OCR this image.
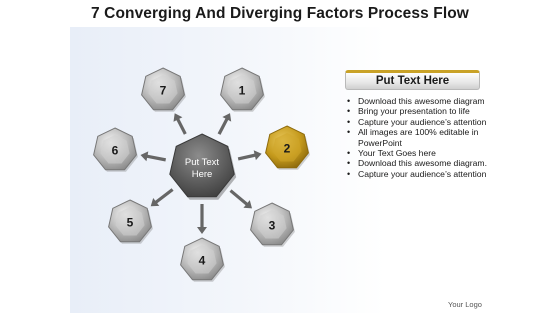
7 Converging And Diverging Factors Process Flow
1
2
3
4
5
6
7
Put Text
Here
Put Text Here
• Download this awesome diagram
• Bring your presentation to life
• Capture your audience’s attention
• All images are 100% editable in PowerPoint
• Your Text Goes here
• Download this awesome diagram.
• Capture your audience’s attention
Your Logo
